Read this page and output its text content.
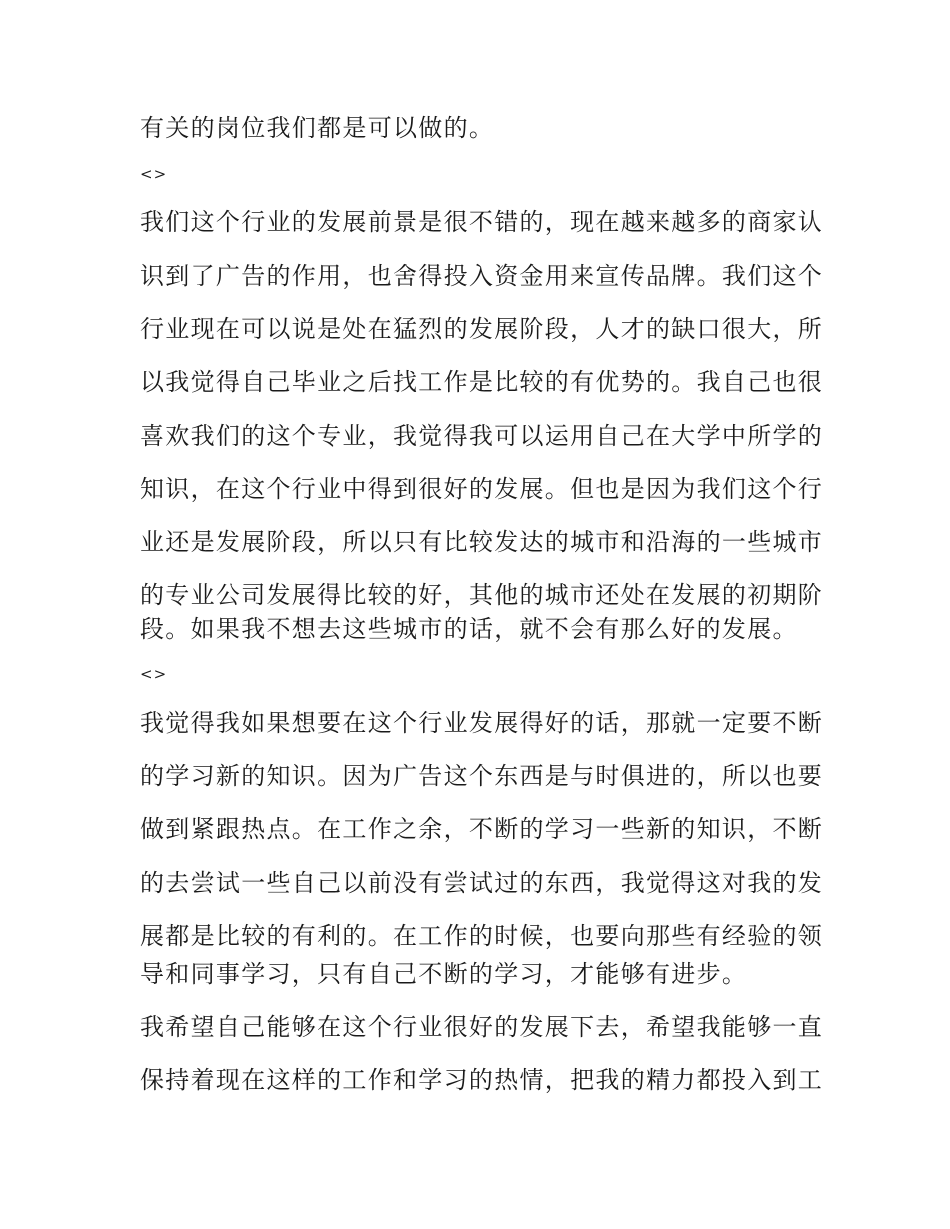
有关的岗位我们都是可以做的。
<>
我们这个行业的发展前景是很不错的，现在越来越多的商家认
识到了广告的作用，也舍得投入资金用来宣传品牌。我们这个
行业现在可以说是处在猛烈的发展阶段，人才的缺口很大，所
以我觉得自己毕业之后找工作是比较的有优势的。我自己也很
喜欢我们的这个专业，我觉得我可以运用自己在大学中所学的
知识，在这个行业中得到很好的发展。但也是因为我们这个行
业还是发展阶段，所以只有比较发达的城市和沿海的一些城市
的专业公司发展得比较的好，其他的城市还处在发展的初期阶
段。如果我不想去这些城市的话，就不会有那么好的发展。
<>
我觉得我如果想要在这个行业发展得好的话，那就一定要不断
的学习新的知识。因为广告这个东西是与时俱进的，所以也要
做到紧跟热点。在工作之余，不断的学习一些新的知识，不断
的去尝试一些自己以前没有尝试过的东西，我觉得这对我的发
展都是比较的有利的。在工作的时候，也要向那些有经验的领
导和同事学习，只有自己不断的学习，才能够有进步。
我希望自己能够在这个行业很好的发展下去，希望我能够一直
保持着现在这样的工作和学习的热情，把我的精力都投入到工
